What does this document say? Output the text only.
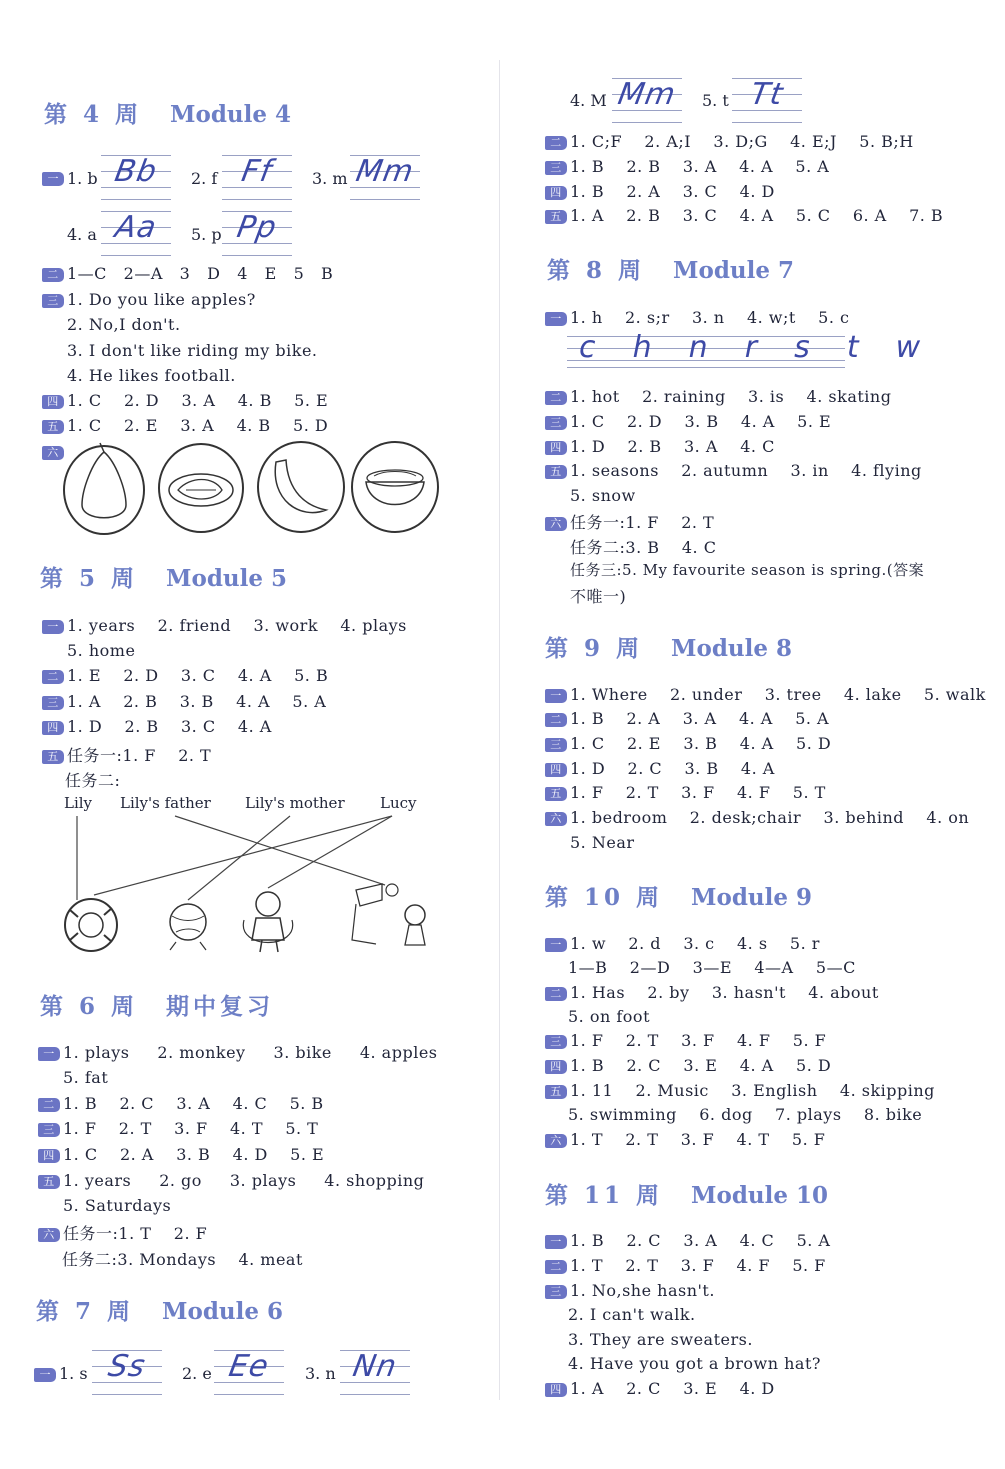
第 4 周 Module 4
一 1. b Bb	2. f Ff	3. m Mm
4. a Aa	5. p Pp
二 1—C   2—A   3   D   4   E   5   B
三 1. Do you like apples?
2. No,I don't.
3. I don't like riding my bike.
4. He likes football.
四 1. C    2. D    3. A    4. B    5. E
五 1. C    2. E    3. A    4. B    5. D
六
第 5 周 Module 5
一 1. years    2. friend    3. work    4. plays
5. home
二 1. E    2. D    3. C    4. A    5. B
三 1. A    2. B    3. B    4. A    5. A
四 1. D    2. B    3. C    4. A
五 任务一:1. F    2. T
任务二:
Lily Lily's father Lily's mother Lucy
第 6 周 期中复习
一 1. plays     2. monkey     3. bike     4. apples
5. fat
二 1. B    2. C    3. A    4. C    5. B
三 1. F    2. T    3. F    4. T    5. T
四 1. C    2. A    3. B    4. D    5. E
五 1. years     2. go     3. plays     4. shopping
5. Saturdays
六 任务一:1. T    2. F
任务二:3. Mondays    4. meat
第 7 周 Module 6
一 1. s Ss	2. e Ee	3. n Nn
4. M Mm	5. t Tt
二 1. C;F    2. A;I    3. D;G    4. E;J    5. B;H
三 1. B    2. B    3. A    4. A    5. A
四 1. B    2. A    3. C    4. D
五 1. A    2. B    3. C    4. A    5. C    6. A    7. B
第 8 周 Module 7
一 1. h    2. s;r    3. n    4. w;t    5. c
c  h  n  r  s  t  w
二 1. hot    2. raining    3. is    4. skating
三 1. C    2. D    3. B    4. A    5. E
四 1. D    2. B    3. A    4. C
五 1. seasons    2. autumn    3. in    4. flying
5. snow
六 任务一:1. F    2. T
任务二:3. B    4. C
任务三:5. My favourite season is spring.(答案
不唯一)
第 9 周 Module 8
一 1. Where    2. under    3. tree    4. lake    5. walk
二 1. B    2. A    3. A    4. A    5. A
三 1. C    2. E    3. B    4. A    5. D
四 1. D    2. C    3. B    4. A
五 1. F    2. T    3. F    4. F    5. T
六 1. bedroom    2. desk;chair    3. behind    4. on
5. Near
第 10 周 Module 9
一 1. w    2. d    3. c    4. s    5. r
1—B    2—D    3—E    4—A    5—C
二 1. Has    2. by    3. hasn't    4. about
5. on foot
三 1. F    2. T    3. F    4. F    5. F
四 1. B    2. C    3. E    4. A    5. D
五 1. 11    2. Music    3. English    4. skipping
5. swimming    6. dog    7. plays    8. bike
六 1. T    2. T    3. F    4. T    5. F
第 11 周 Module 10
一 1. B    2. C    3. A    4. C    5. A
二 1. T    2. T    3. F    4. F    5. F
三 1. No,she hasn't.
2. I can't walk.
3. They are sweaters.
4. Have you got a brown hat?
四 1. A    2. C    3. E    4. D
